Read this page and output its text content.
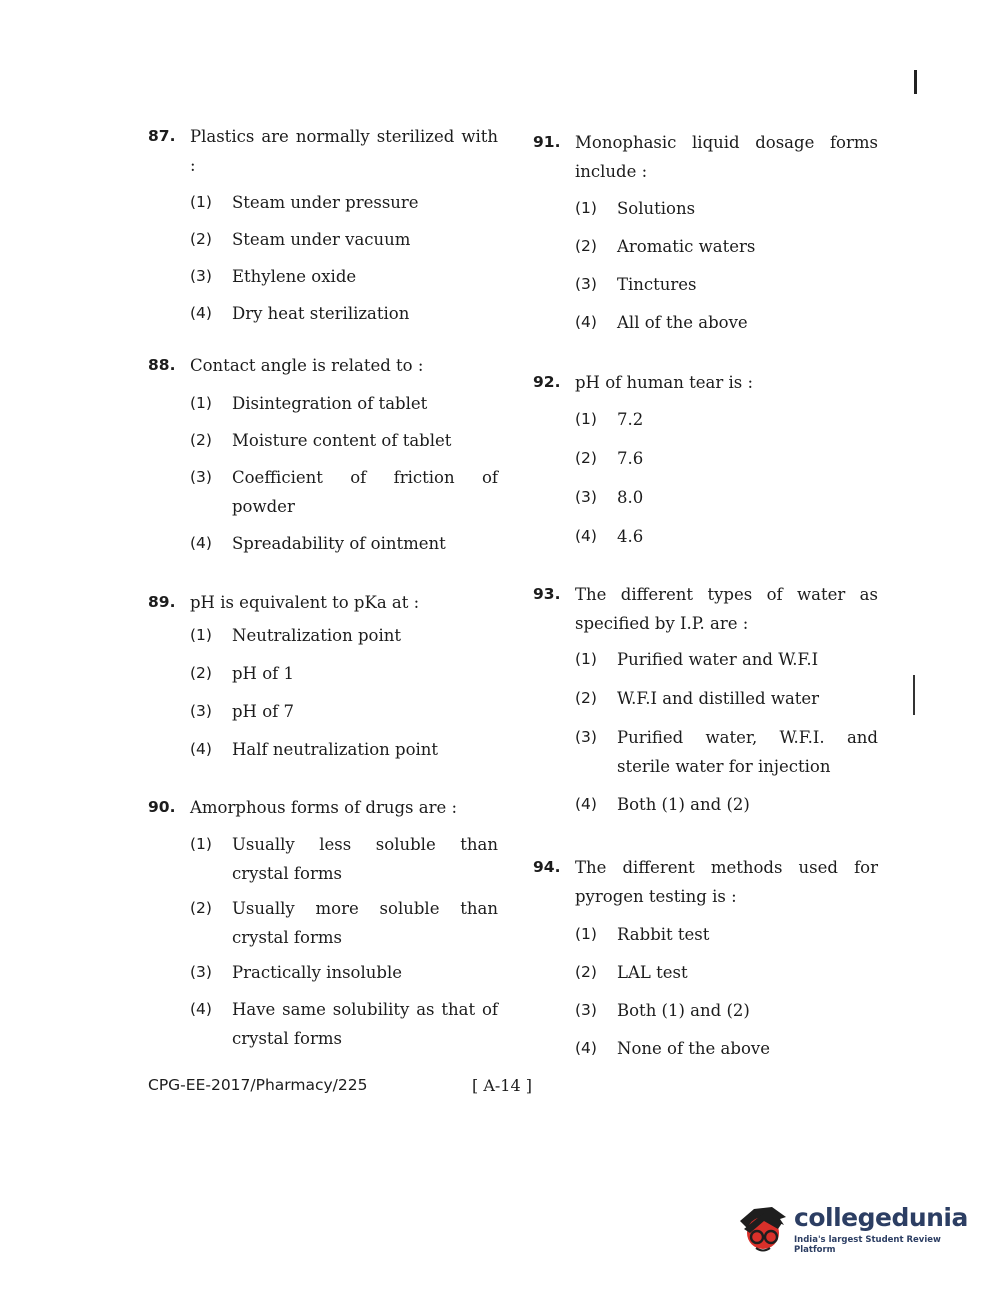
87. Plastics are normally sterilized with :
(1)	Steam under pressure
(2)	Steam under vacuum
(3)	Ethylene oxide
(4)	Dry heat sterilization
88. Contact angle is related to :
(1)	Disintegration of tablet
(2)	Moisture content of tablet
(3)	Coefficient of friction of powder
(4)	Spreadability of ointment
89. pH is equivalent to pKa at :
(1)	Neutralization point
(2)	pH of 1
(3)	pH of 7
(4)	Half neutralization point
90. Amorphous forms of drugs are :
(1)	Usually less soluble than crystal forms
(2)	Usually more soluble than crystal forms
(3)	Practically insoluble
(4)	Have same solubility as that of crystal forms
91. Monophasic liquid dosage forms include :
(1)	Solutions
(2)	Aromatic waters
(3)	Tinctures
(4)	All of the above
92. pH of human tear is :
(1)	7.2
(2)	7.6
(3)	8.0
(4)	4.6
93. The different types of water as specified by I.P. are :
(1)	Purified water and W.F.I
(2)	W.F.I and distilled water
(3)	Purified water, W.F.I. and sterile water for injection
(4)	Both (1) and (2)
94. The different methods used for pyrogen testing is :
(1)	Rabbit test
(2)	LAL test
(3)	Both (1) and (2)
(4)	None of the above
CPG-EE-2017/Pharmacy/225	[ A-14 ]
collegedunia
India's largest Student Review Platform
